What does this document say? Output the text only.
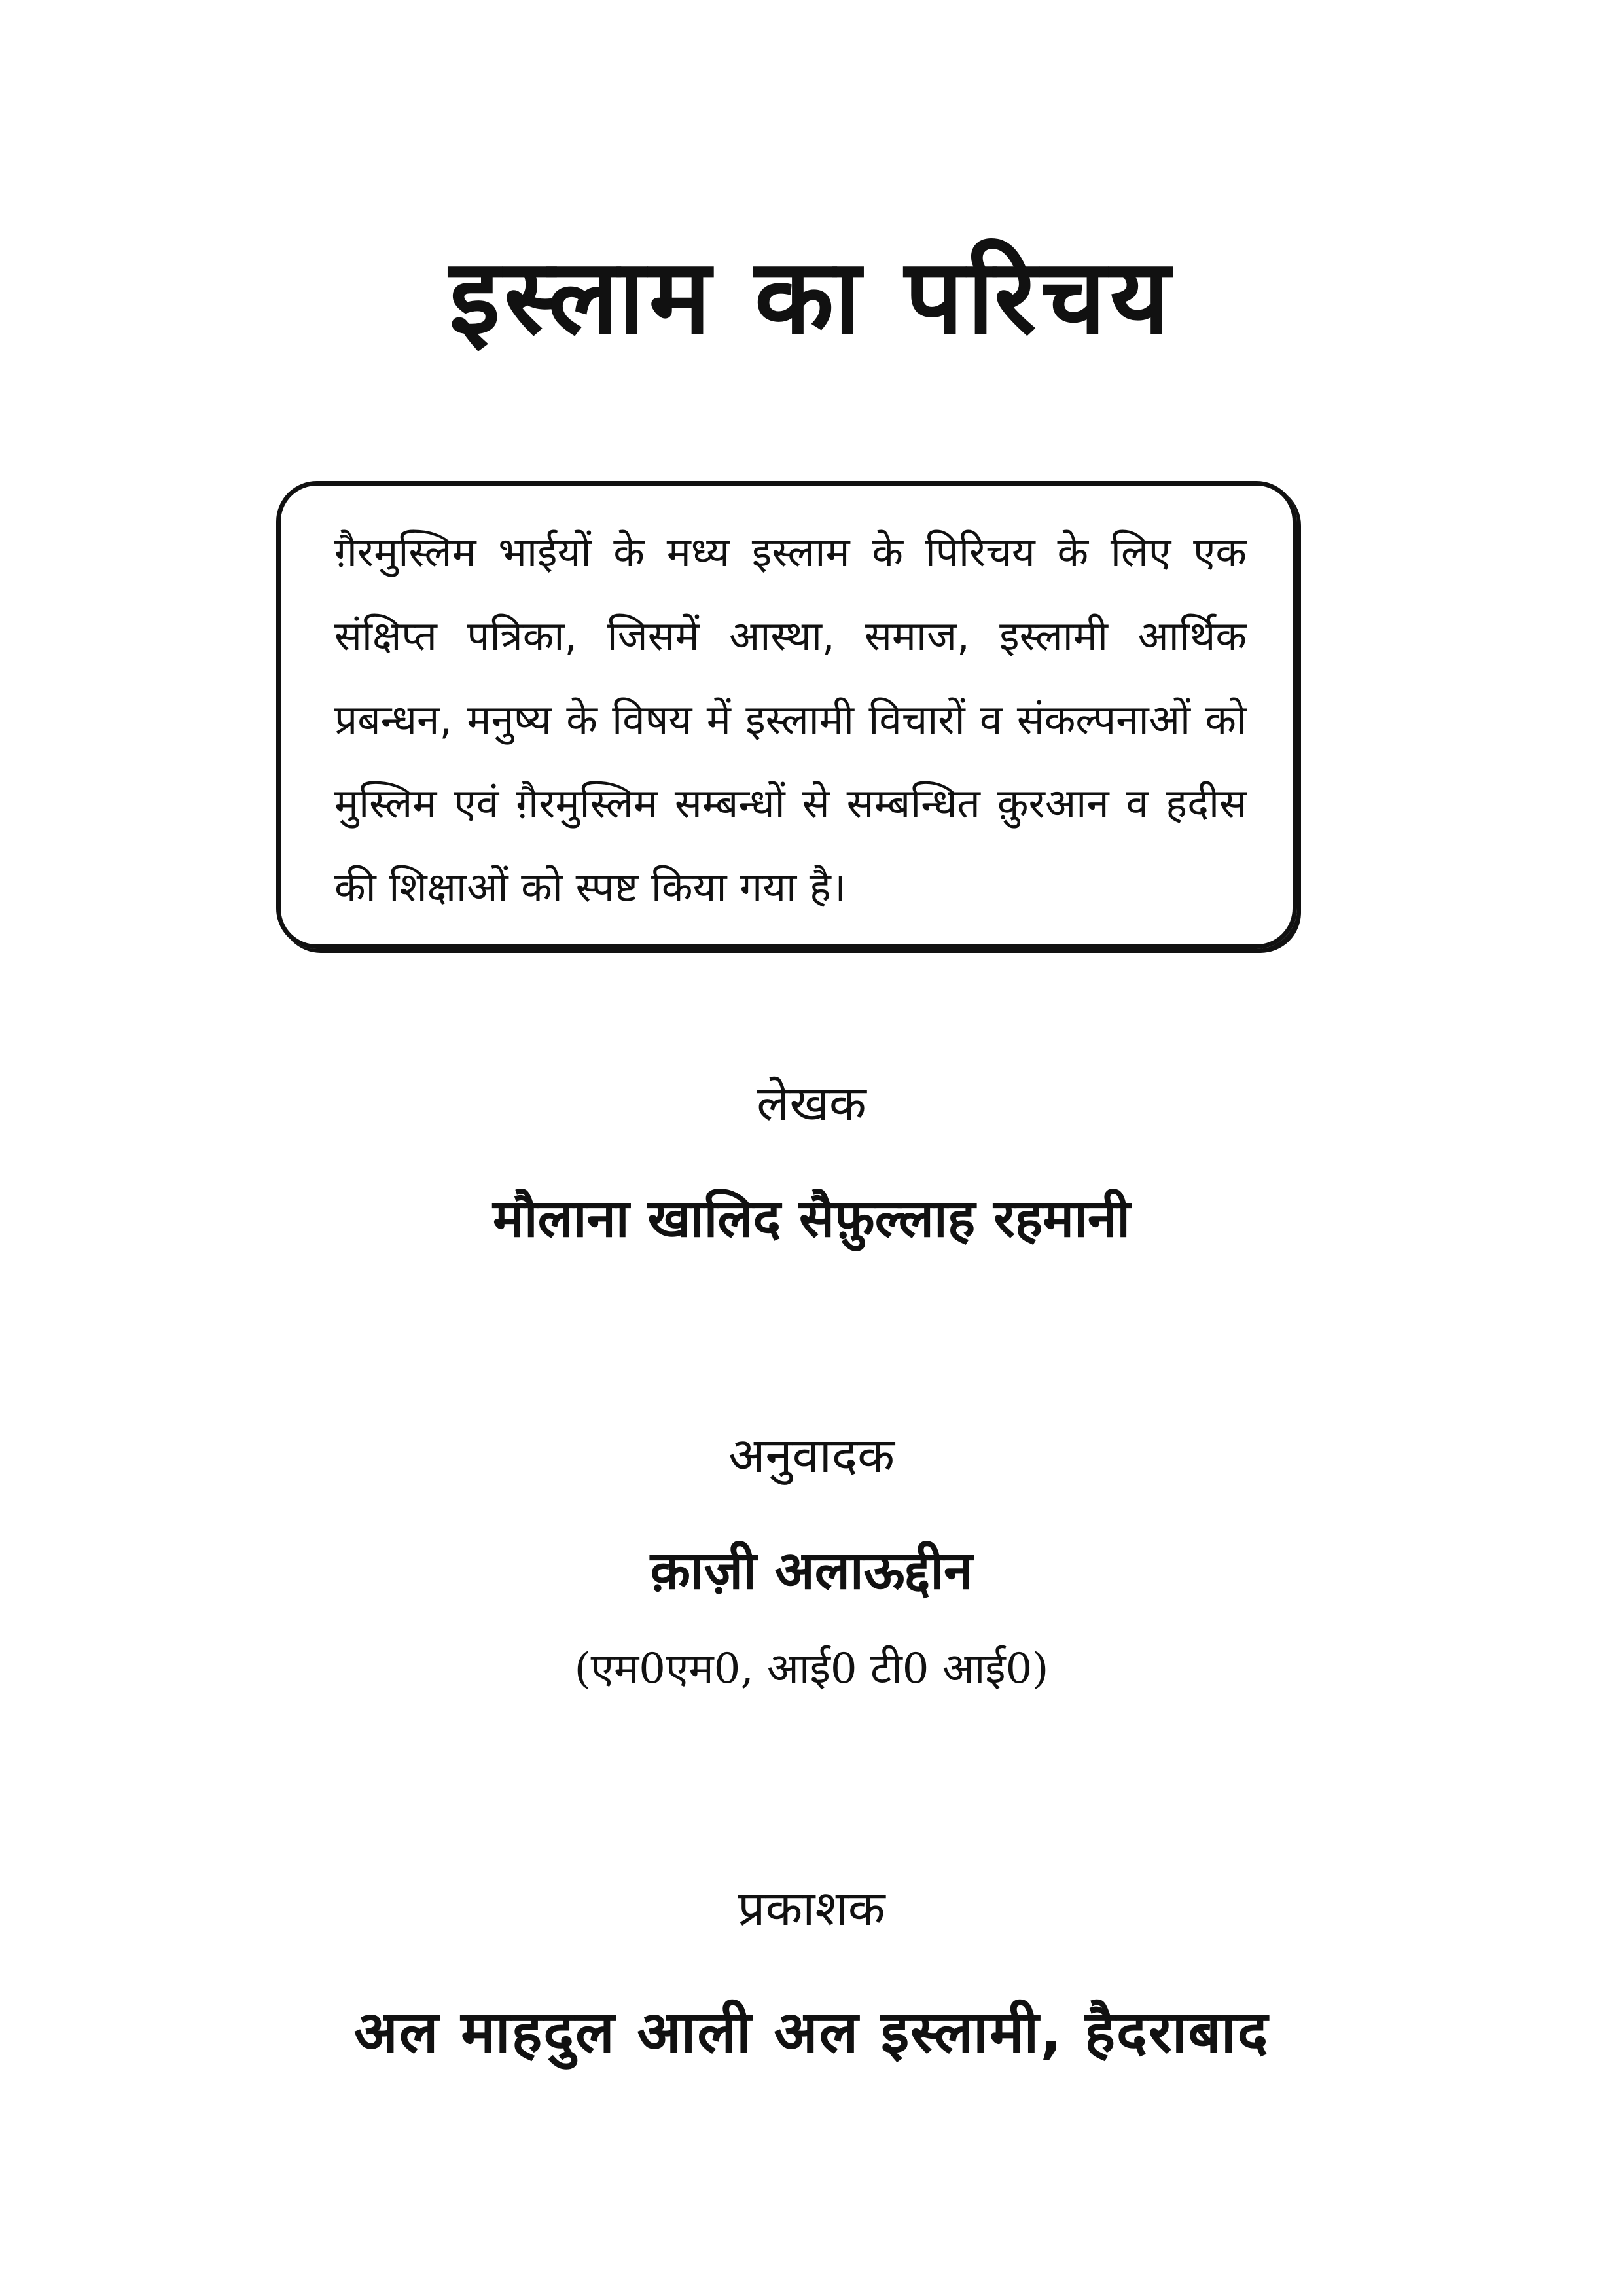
इस्लाम का परिचय

ग़ैरमुस्लिम भाईयों के मध्य इस्लाम के पिरिचय के लिए एक संक्षिप्त पत्रिका, जिसमें आस्था, समाज, इस्लामी आर्थिक प्रबन्धन, मनुष्य के विषय में इस्लामी विचारों व संकल्पनाओं को मुस्लिम एवं ग़ैरमुस्लिम सम्बन्धों से सम्बन्धित क़ुरआन व हदीस की शिक्षाओं को स्पष्ट किया गया है।

लेखक
मौलाना खालिद सैफ़ुल्लाह रहमानी
अनुवादक
क़ाज़ी अलाऊद्दीन
(एम0एम0, आई0 टी0 आई0)
प्रकाशक
अल माहदुल आली अल इस्लामी, हैदराबाद
